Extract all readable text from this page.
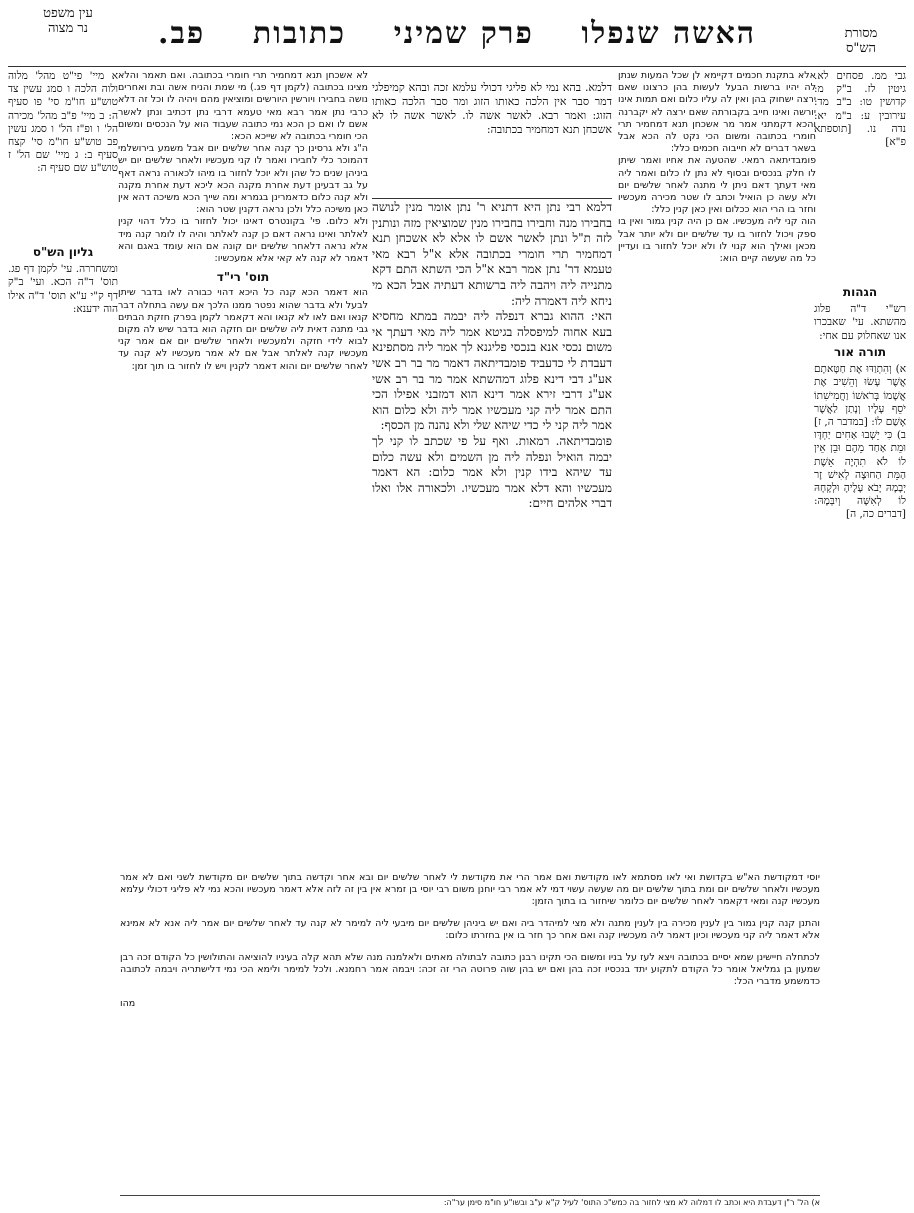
מסורת
הש"ס
האשה שנפלו
פרק שמיני
כתובות
פב.
עין משפט
נר מצוה

גבי ממ. פסחים לא. גיטין לז. ב"ק מ: קדושין טו: ב"ב מד: עירובין ע: ב"מ יא: נדה נו. [תוספתא פ"א]

הגהות

רש"י ד"ה פלוג מהשתא. עי' שאבכרו אנו שאחלוק עם אחי:

תורה אור

א) וְהִתְוַדּוּ אֶת חַטָּאתָם אֲשֶׁר עָשׂוּ וְהֵשִׁיב אֶת אֲשָׁמוֹ בְּרֹאשׁוֹ וַחֲמִישִׁתוֹ יֹסֵף עָלָיו וְנָתַן לַאֲשֶׁר אָשַׁם לוֹ: [במדבר ה, ז] ב) כִּי יֵשְׁבוּ אַחִים יַחְדָּו וּמֵת אַחַד מֵהֶם וּבֵן אֵין לוֹ לֹא תִהְיֶה אֵשֶׁת הַמֵּת הַחוּצָה לְאִישׁ זָר יְבָמָהּ יָבֹא עָלֶיהָ וּלְקָחָהּ לוֹ לְאִשָּׁה וְיִבְּמָהּ: [דברים כה, ה]

א מיי' פי"ט מהל' מלוה ולוה הלכה ו סמג עשין צד טוש"ע חו"מ סי' פו סעיף ה: ב מיי' פ"ב מהל' מכירה הל' ו ופ"ז הל' ו סמג עשין פב טוש"ע חו"מ סי' קצח סעיף ב: ג מיי' שם הל' ז טוש"ע שם סעיף ה:

גליון הש"ס

ומשחררה. עי' לקמן דף פג. תוס' ד"ה הכא. ועי' ב"ק דף ק"י ע"א תוס' ד"ה אילו הוה ידענא:

אלא בתקנת חכמים דקיימא לן שכל המעות שנתן לה יהיו ברשות הבעל לעשות בהן כרצונו שאם ירצה ישחוק בהן ואין לה עליו כלום ואם תמות אינו יורשה ואינו חייב בקבורתה שאם ירצה לא יקברנה והכא דקמתני אמר מר אשכחן תנא דמחמיר תרי חומרי בכתובה ומשום הכי נקט לה הכא אבל בשאר דברים לא חייבוה חכמים כלל:

פומבדיתאה רמאי. שהטעה את אחיו ואמר שיתן לו חלק בנכסים ובסוף לא נתן לו כלום ואמר ליה מאי דעתך דאם ניתן לי מתנה לאחר שלשים יום ולא עשה כן הואיל וכתב לו שטר מכירה מעכשיו וחזר בו הרי הוא ככלום ואין כאן קנין כלל:

הוה קני ליה מעכשיו. אם כן היה קנין גמור ואין בו ספק ויכול לחזור בו עד שלשים יום ולא יותר אבל מכאן ואילך הוא קנוי לו ולא יוכל לחזור בו ועדיין כל מה שעשה קיים הוא:

דלמא. בהא נמי לא פליגי דכולי עלמא זכה ובהא קמיפלגי דמר סבר אין הלכה כאותו הזוג ומר סבר הלכה כאותו הזוג: ואמר רבא. לאשר אשה לו. לאשר אשה לו לא אשכחן תנא דמחמיר בכתובה:

דלמא רבי נתן היא דתניא ר' נתן אומר מנין לנושה בחבירו מנה וחבירו בחבירו מנין שמוציאין מזה ונותנין לזה ת"ל ונתן לאשר אשם לו אלא לא אשכחן תנא דמחמיר תרי חומרי בכתובה אלא א"ל רבא מאי טעמא דר' נתן אמר רבא א"ל הכי השתא התם דקא מתנייה ליה ויהבה ליה ברשותא דעתיה אבל הכא מי ניחא ליה דאמרה ליה:

האי: ההוא גברא דנפלה ליה יבמה במתא מחסיא בעא אחוה למיפסלה בגיטא אמר ליה מאי דעתך אי משום נכסי אנא בנכסי פליגנא לך אמר ליה מסתפינא דעבדת לי כדעביד פומבדיתאה דאמר מר בר רב אשי אע"ג דבי דינא פלוג דמהשתא אמר מר בר רב אשי אע"ג דרבי זירא אמר דינא הוא דמזבני אפילו הכי התם אמר ליה קני מעכשיו אמר ליה ולא כלום הוא אמר ליה קני לי כדי שיהא שלי ולא נהנה מן הכסף:

פומבדיתאה. רמאות. ואף על פי שכתב לו קני לך יבמה הואיל ונפלה ליה מן השמים ולא עשה כלום עד שיהא בידו קנין ולא אמר כלום: הא דאמר מעכשיו והא דלא אמר מעכשיו. ולכאורה אלו ואלו דברי אלהים חיים:

לא אשכחן תנא דמחמיר תרי חומרי בכתובה. ואם תאמר והלא מצינו בכתובה (לקמן דף פג.) מי שמת והניח אשה ובת ואחרים נושה בחבירו ויורשין היורשים ומוציאין מהם ויהיה לו וכל זה דלא כרבי נתן אמר רבא מאי טעמא דרבי נתן דכתיב ונתן לאשר אשם לו ואם כן הכא נמי כתובה שעבוד הוא על הנכסים ומשום הכי חומרי בכתובה לא שייכא הכא:

ה"ג ולא גרסינן כך קנה אחר שלשים יום אבל משמע בירושלמי דהמוכר כלי לחבירו ואמר לו קני מעכשיו ולאחר שלשים יום יש ביניהן שנים כל שהן ולא יוכל לחזור בו מיהו לכאורה נראה דאף על גב דבעינן דעת אחרת מקנה הכא ליכא דעת אחרת מקנה ולא קנה כלום כדאמרינן בגמרא ומה שייך הכא משיכה דהא אין כאן משיכה כלל ולכן נראה דקנין שטר הוא:

ולא כלום. פי' בקונטרס דאינו יכול לחזור בו כלל דהוי קנין לאלתר ואינו נראה דאם כן קנה לאלתר והיה לו לומר קנה מיד אלא נראה דלאחר שלשים יום קונה אם הוא עומד באגם והא דאמר לא קנה לא קאי אלא אמעכשיו:

תוס' רי"ד

הוא דאמר הכא קנה כל היכא דהוי כבורה לאו בדבר שיתן לבעל ולא בדבר שהוא נפטר ממנו הלכך אם עשה בתחלה דבר קנאו ואם לאו לא קנאו והא דקאמר לקמן בפרק חזקת הבתים גבי מתנה דאית ליה שלשים יום חזקה הוא בדבר שיש לה מקום לבוא לידי חזקה ולמעכשיו ולאחר שלשים יום אם אמר קני מעכשיו קנה לאלתר אבל אם לא אמר מעכשיו לא קנה עד לאחר שלשים יום והוא דאמר לקנין ויש לו לחזור בו תוך זמן:

יוסי דמקודשת הא"ש בקדושת ואי לאו מסתמא לאו מקודשת ואם אמר הרי את מקודשת לי לאחר שלשים יום ובא אחר וקדשה בתוך שלשים יום מקודשת לשני ואם לא אמר מעכשיו ולאחר שלשים יום ומת בתוך שלשים יום מה שעשה עשוי דמי לא אמר רבי יוחנן משום רבי יוסי בן זמרא אין בין זה לזה אלא דאמר מעכשיו והכא נמי לא פליגי דכולי עלמא מעכשיו קנה ומאי דקאמר לאחר שלשים יום כלומר שיחזור בו בתוך הזמן:

והתנן קנה קנין גמור בין לענין מכירה בין לענין מתנה ולא מצי למיהדר ביה ואם יש ביניהן שלשים יום מיבעי ליה למימר לא קנה עד לאחר שלשים יום אמר ליה אנא לא אמינא אלא דאמר ליה קני מעכשיו וכיון דאמר ליה מעכשיו קנה ואם אחר כך חזר בו אין בחזרתו כלום:

לכתחלה חיישינן שמא יסיים בכתובה ויצא לעז על בניו ומשום הכי תקינו רבנן כתובה לבתולה מאתים ולאלמנה מנה שלא תהא קלה בעיניו להוציאה והתולושין כל הקודם זכה רבן שמעון בן גמליאל אומר כל הקודם לתקוע יתד בנכסיו זכה בהן ואם יש בהן שוה פרוטה הרי זה זכה: ויבמה אמר רחמנא. ולכל למימר ולימא הכי נמי דלישתריה ויבמה לכתובה כדמשמע מדברי הכל:

מהו

א) הל' ר"ן דעבדת היא וכתב לו דמלוה לא מצי לחזור בה כמש"כ התוס' לעיל ק"א ע"ב ובשו"ע חו"מ סימן ער"ה:
